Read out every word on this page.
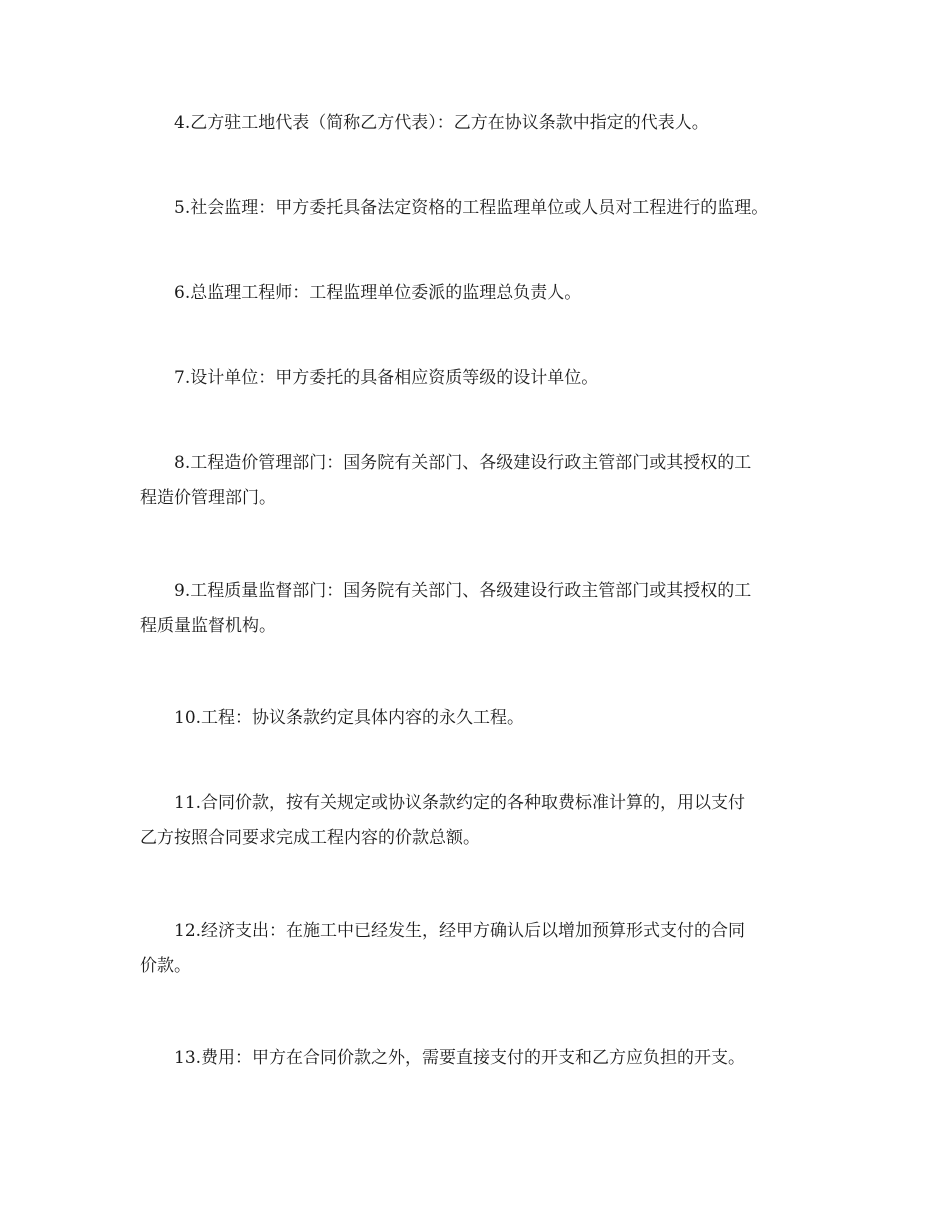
4.乙方驻工地代表（简称乙方代表）：乙方在协议条款中指定的代表人。
5.社会监理：甲方委托具备法定资格的工程监理单位或人员对工程进行的监理。
6.总监理工程师：工程监理单位委派的监理总负责人。
7.设计单位：甲方委托的具备相应资质等级的设计单位。
8.工程造价管理部门：国务院有关部门、各级建设行政主管部门或其授权的工
程造价管理部门。
9.工程质量监督部门：国务院有关部门、各级建设行政主管部门或其授权的工
程质量监督机构。
10.工程：协议条款约定具体内容的永久工程。
11.合同价款，按有关规定或协议条款约定的各种取费标准计算的，用以支付
乙方按照合同要求完成工程内容的价款总额。
12.经济支出：在施工中已经发生，经甲方确认后以增加预算形式支付的合同
价款。
13.费用：甲方在合同价款之外，需要直接支付的开支和乙方应负担的开支。
